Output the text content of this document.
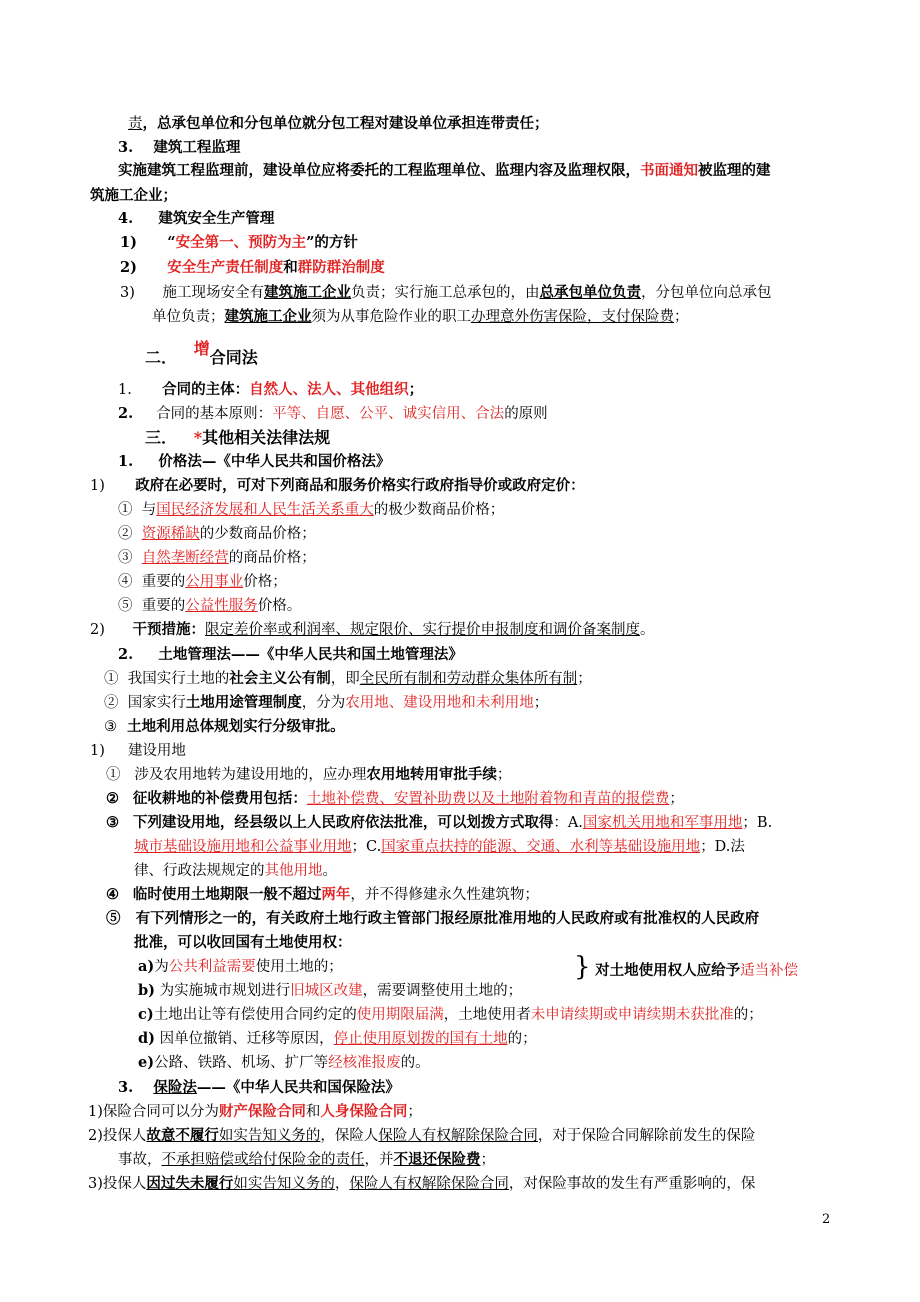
责，总承包单位和分包单位就分包工程对建设单位承担连带责任；
3. 建筑工程监理
实施建筑工程监理前，建设单位应将委托的工程监理单位、监理内容及监理权限，书面通知被监理的建
筑施工企业；
4. 建筑安全生产管理
1) “安全第一、预防为主”的方针
2) 安全生产责任制度和群防群治制度
3) 施工现场安全有建筑施工企业负责；实行施工总承包的，由总承包单位负责，分包单位向总承包
单位负责；建筑施工企业须为从事危险作业的职工办理意外伤害保险，支付保险费；
二． 增合同法
1. 合同的主体：自然人、法人、其他组织；
2. 合同的基本原则：平等、自愿、公平、诚实信用、合法的原则
三． *其他相关法律法规
1. 价格法—《中华人民共和国价格法》
1) 政府在必要时，可对下列商品和服务价格实行政府指导价或政府定价：
① 与国民经济发展和人民生活关系重大的极少数商品价格；
② 资源稀缺的少数商品价格；
③ 自然垄断经营的商品价格；
④ 重要的公用事业价格；
⑤ 重要的公益性服务价格。
2) 干预措施：限定差价率或利润率、规定限价、实行提价申报制度和调价备案制度。
2. 土地管理法——《中华人民共和国土地管理法》
① 我国实行土地的社会主义公有制，即全民所有制和劳动群众集体所有制；
② 国家实行土地用途管理制度，分为农用地、建设用地和未利用地；
③ 土地利用总体规划实行分级审批。
1) 建设用地
① 涉及农用地转为建设用地的，应办理农用地转用审批手续；
② 征收耕地的补偿费用包括：土地补偿费、安置补助费以及土地附着物和青苗的报偿费；
③ 下列建设用地，经县级以上人民政府依法批准，可以划拨方式取得：A.国家机关用地和军事用地；B.
城市基础设施用地和公益事业用地；C.国家重点扶持的能源、交通、水利等基础设施用地；D.法
律、行政法规规定的其他用地。
④ 临时使用土地期限一般不超过两年，并不得修建永久性建筑物；
⑤ 有下列情形之一的，有关政府土地行政主管部门报经原批准用地的人民政府或有批准权的人民政府
批准，可以收回国有土地使用权：
a)为公共利益需要使用土地的；	} 对土地使用权人应给予适当补偿
b) 为实施城市规划进行旧城区改建，需要调整使用土地的；
c)土地出让等有偿使用合同约定的使用期限届满，土地使用者未申请续期或申请续期未获批准的；
d) 因单位撤销、迁移等原因，停止使用原划拨的国有土地的；
e)公路、铁路、机场、扩厂等经核准报废的。
3. 保险法——《中华人民共和国保险法》
1)保险合同可以分为财产保险合同和人身保险合同；
2)投保人故意不履行如实告知义务的，保险人保险人有权解除保险合同，对于保险合同解除前发生的保险
事故，不承担赔偿或给付保险金的责任，并不退还保险费；
3)投保人因过失未履行如实告知义务的，保险人有权解除保险合同，对保险事故的发生有严重影响的，保
2
